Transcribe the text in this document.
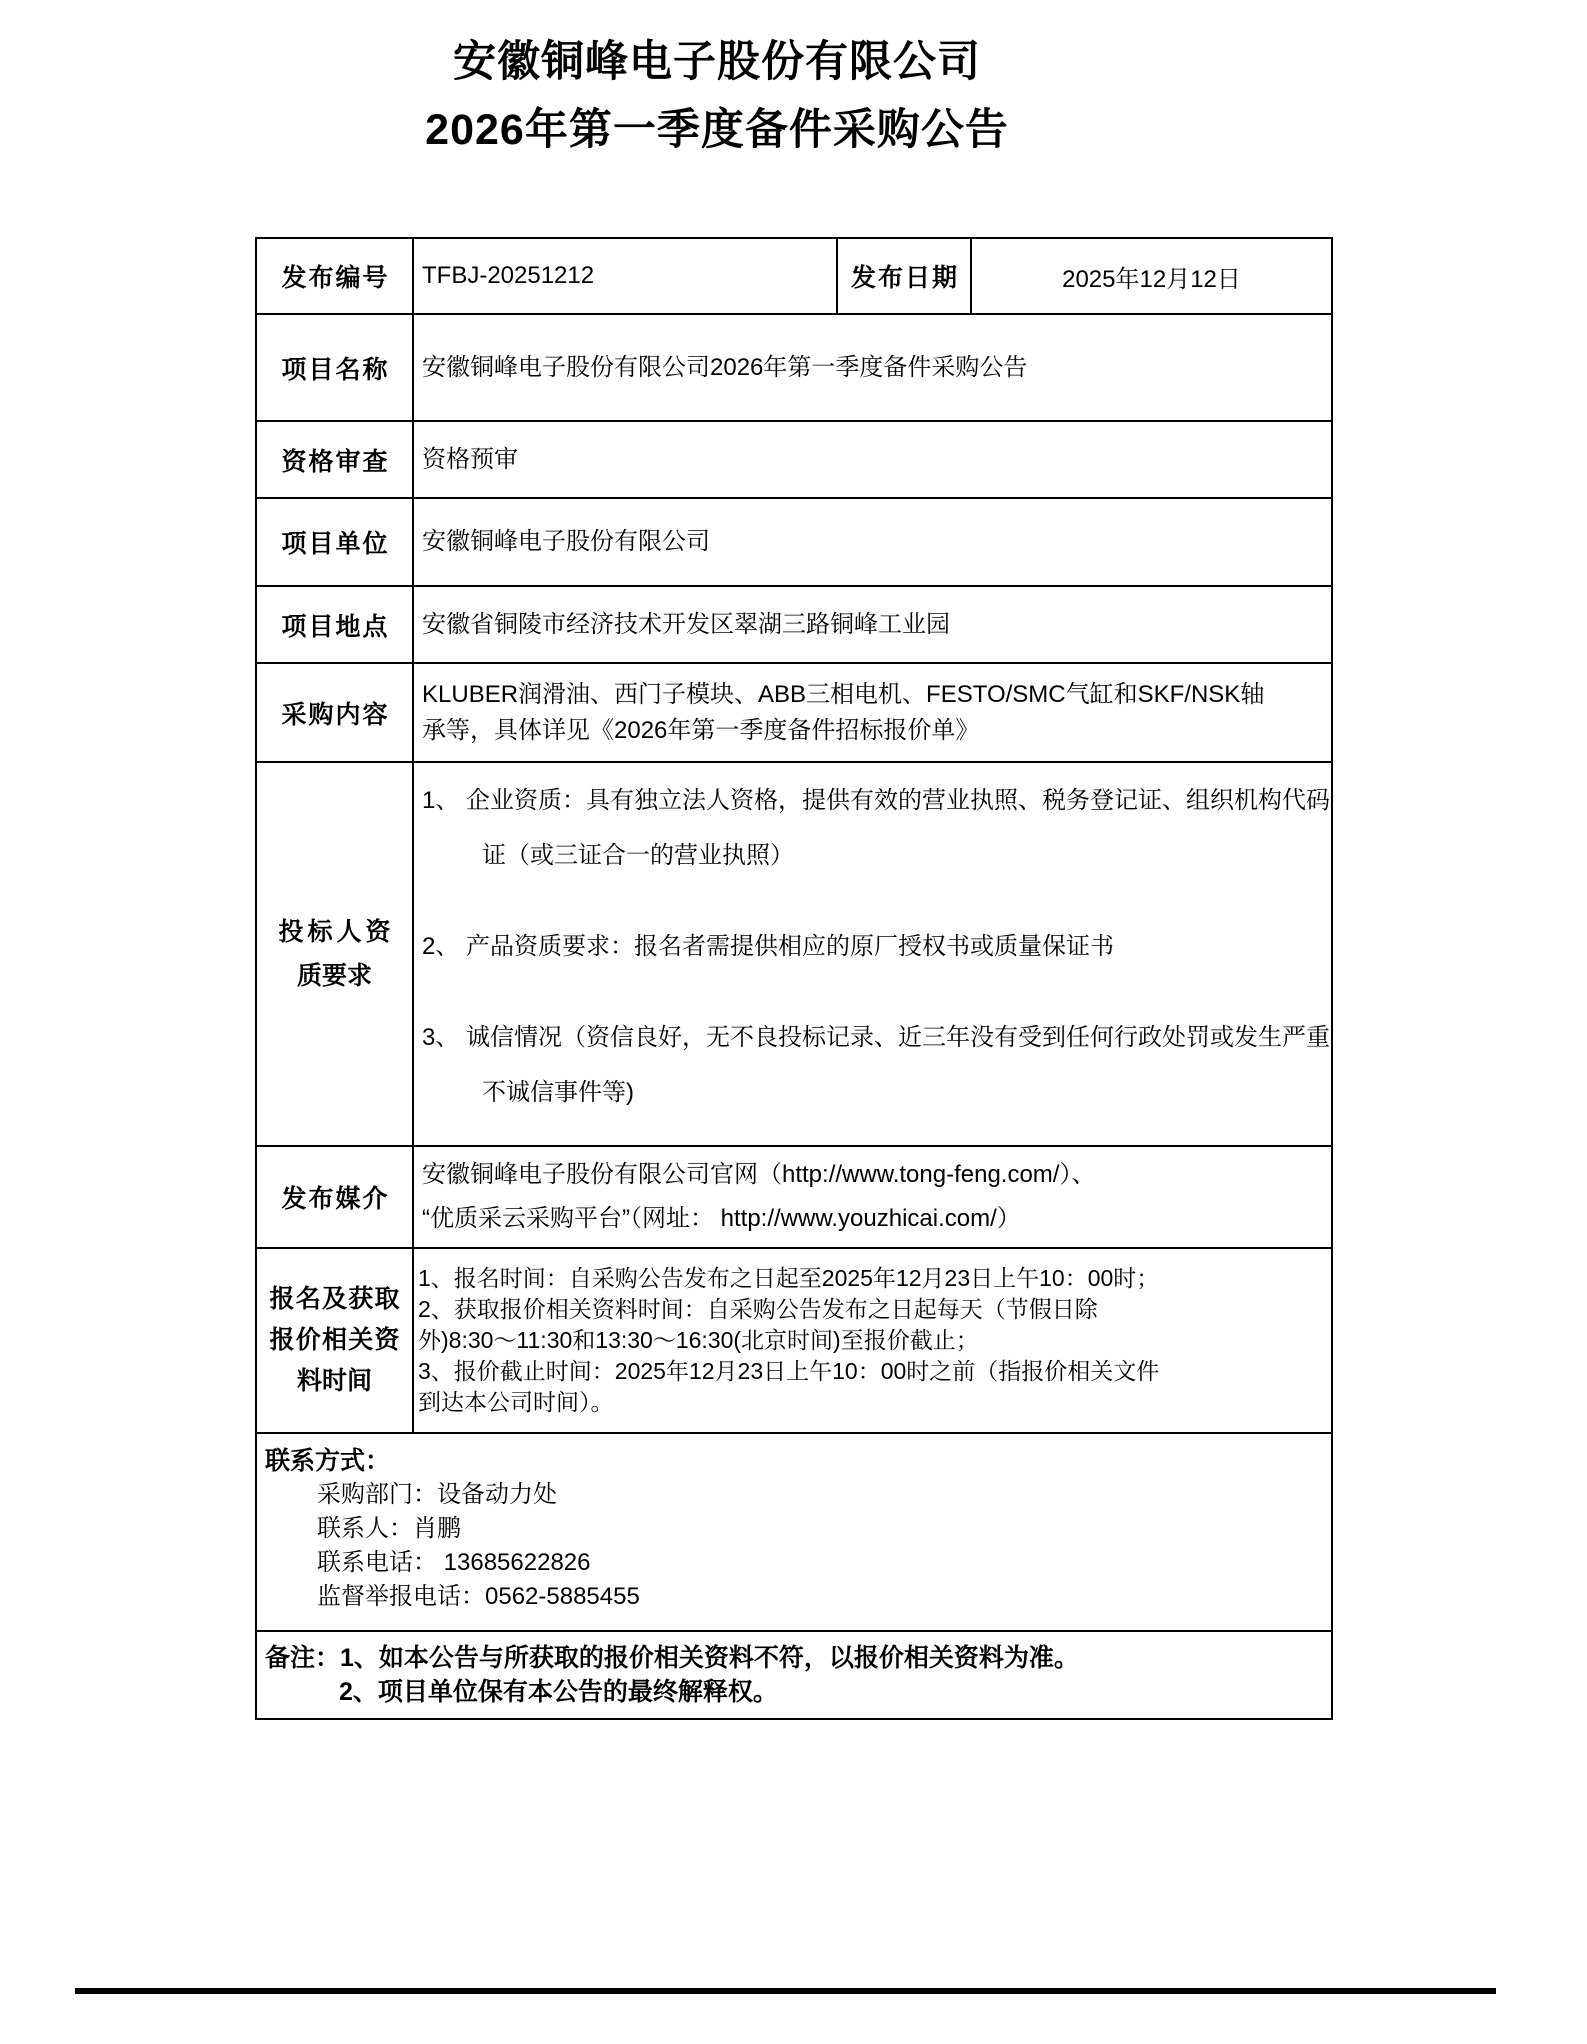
安徽铜峰电子股份有限公司
2026年第一季度备件采购公告
发布编号 TFBJ-20251212	发布日期	2025年12月12日
项目名称 安徽铜峰电子股份有限公司2026年第一季度备件采购公告
资格审查 资格预审
项目单位 安徽铜峰电子股份有限公司
项目地点 安徽省铜陵市经济技术开发区翠湖三路铜峰工业园
采购内容
KLUBER润滑油、西门子模块、ABB三相电机、FESTO/SMC气缸和SKF/NSK轴
承等，具体详见《2026年第一季度备件招标报价单》
投标人资质要求
1、 企业资质：具有独立法人资格，提供有效的营业执照、税务登记证、组织机构代码证（或三证合一的营业执照）
2、 产品资质要求：报名者需提供相应的原厂授权书或质量保证书
3、 诚信情况（资信良好，无不良投标记录、近三年没有受到任何行政处罚或发生严重不诚信事件等)
发布媒介
安徽铜峰电子股份有限公司官网（http://www.tong-feng.com/）、
“优质采云采购平台”（网址： http://www.youzhicai.com/）
报名及获取报价相关资料时间
1、报名时间：自采购公告发布之日起至2025年12月23日上午10：00时；
2、获取报价相关资料时间：自采购公告发布之日起每天（节假日除
外)8:30～11:30和13:30～16:30(北京时间)至报价截止；
3、报价截止时间：2025年12月23日上午10：00时之前（指报价相关文件
到达本公司时间）。
联系方式：
采购部门：设备动力处
联系人：肖鹏
联系电话： 13685622826
监督举报电话：0562-5885455
备注：1、如本公告与所获取的报价相关资料不符，以报价相关资料为准。
2、项目单位保有本公告的最终解释权。
